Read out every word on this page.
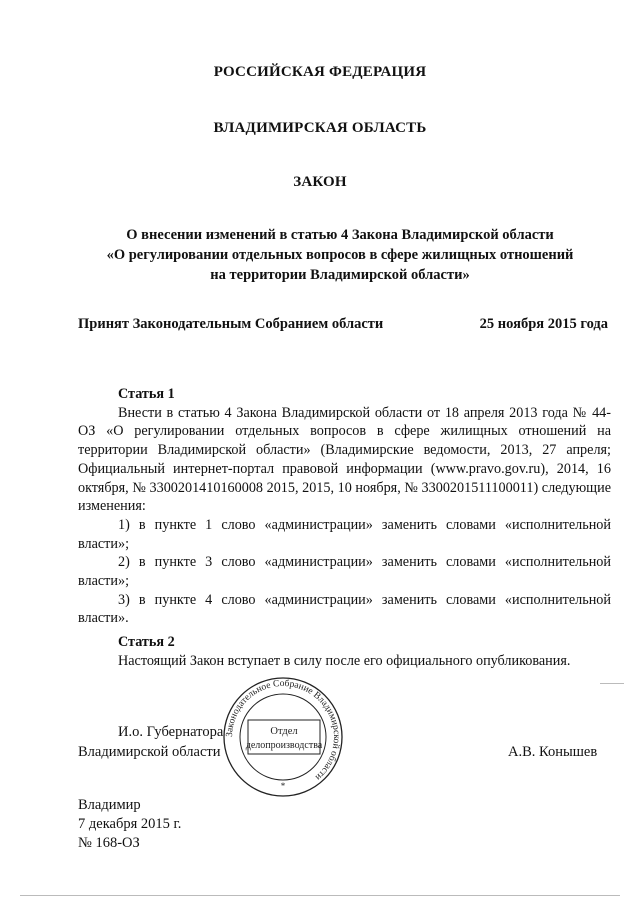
РОССИЙСКАЯ ФЕДЕРАЦИЯ
ВЛАДИМИРСКАЯ ОБЛАСТЬ
ЗАКОН
О внесении изменений в статью 4 Закона Владимирской области
«О регулировании отдельных вопросов в сфере жилищных отношений
на территории Владимирской области»
Принят Законодательным Собранием области	25 ноября 2015 года
Статья 1
Внести в статью 4 Закона Владимирской области от 18 апреля 2013 года № 44-ОЗ «О регулировании отдельных вопросов в сфере жилищных отношений на территории Владимирской области» (Владимирские ведомости, 2013, 27 апреля; Официальный интернет-портал правовой информации (www.pravo.gov.ru), 2014, 16 октября, № 3300201410160008 2015, 2015, 10 ноября, № 3300201511100011) следующие изменения:
1) в пункте 1 слово «администрации» заменить словами «исполнительной власти»;
2) в пункте 3 слово «администрации» заменить словами «исполнительной власти»;
3) в пункте 4 слово «администрации» заменить словами «исполнительной власти».
Статья 2
Настоящий Закон вступает в силу после его официального опубликования.
И.о. Губернатора
Владимирской области	А.В. Конышев
Законодательное Собрание Владимирской области
Отдел
делопроизводства
*
Владимир
7 декабря 2015 г.
№ 168-ОЗ
